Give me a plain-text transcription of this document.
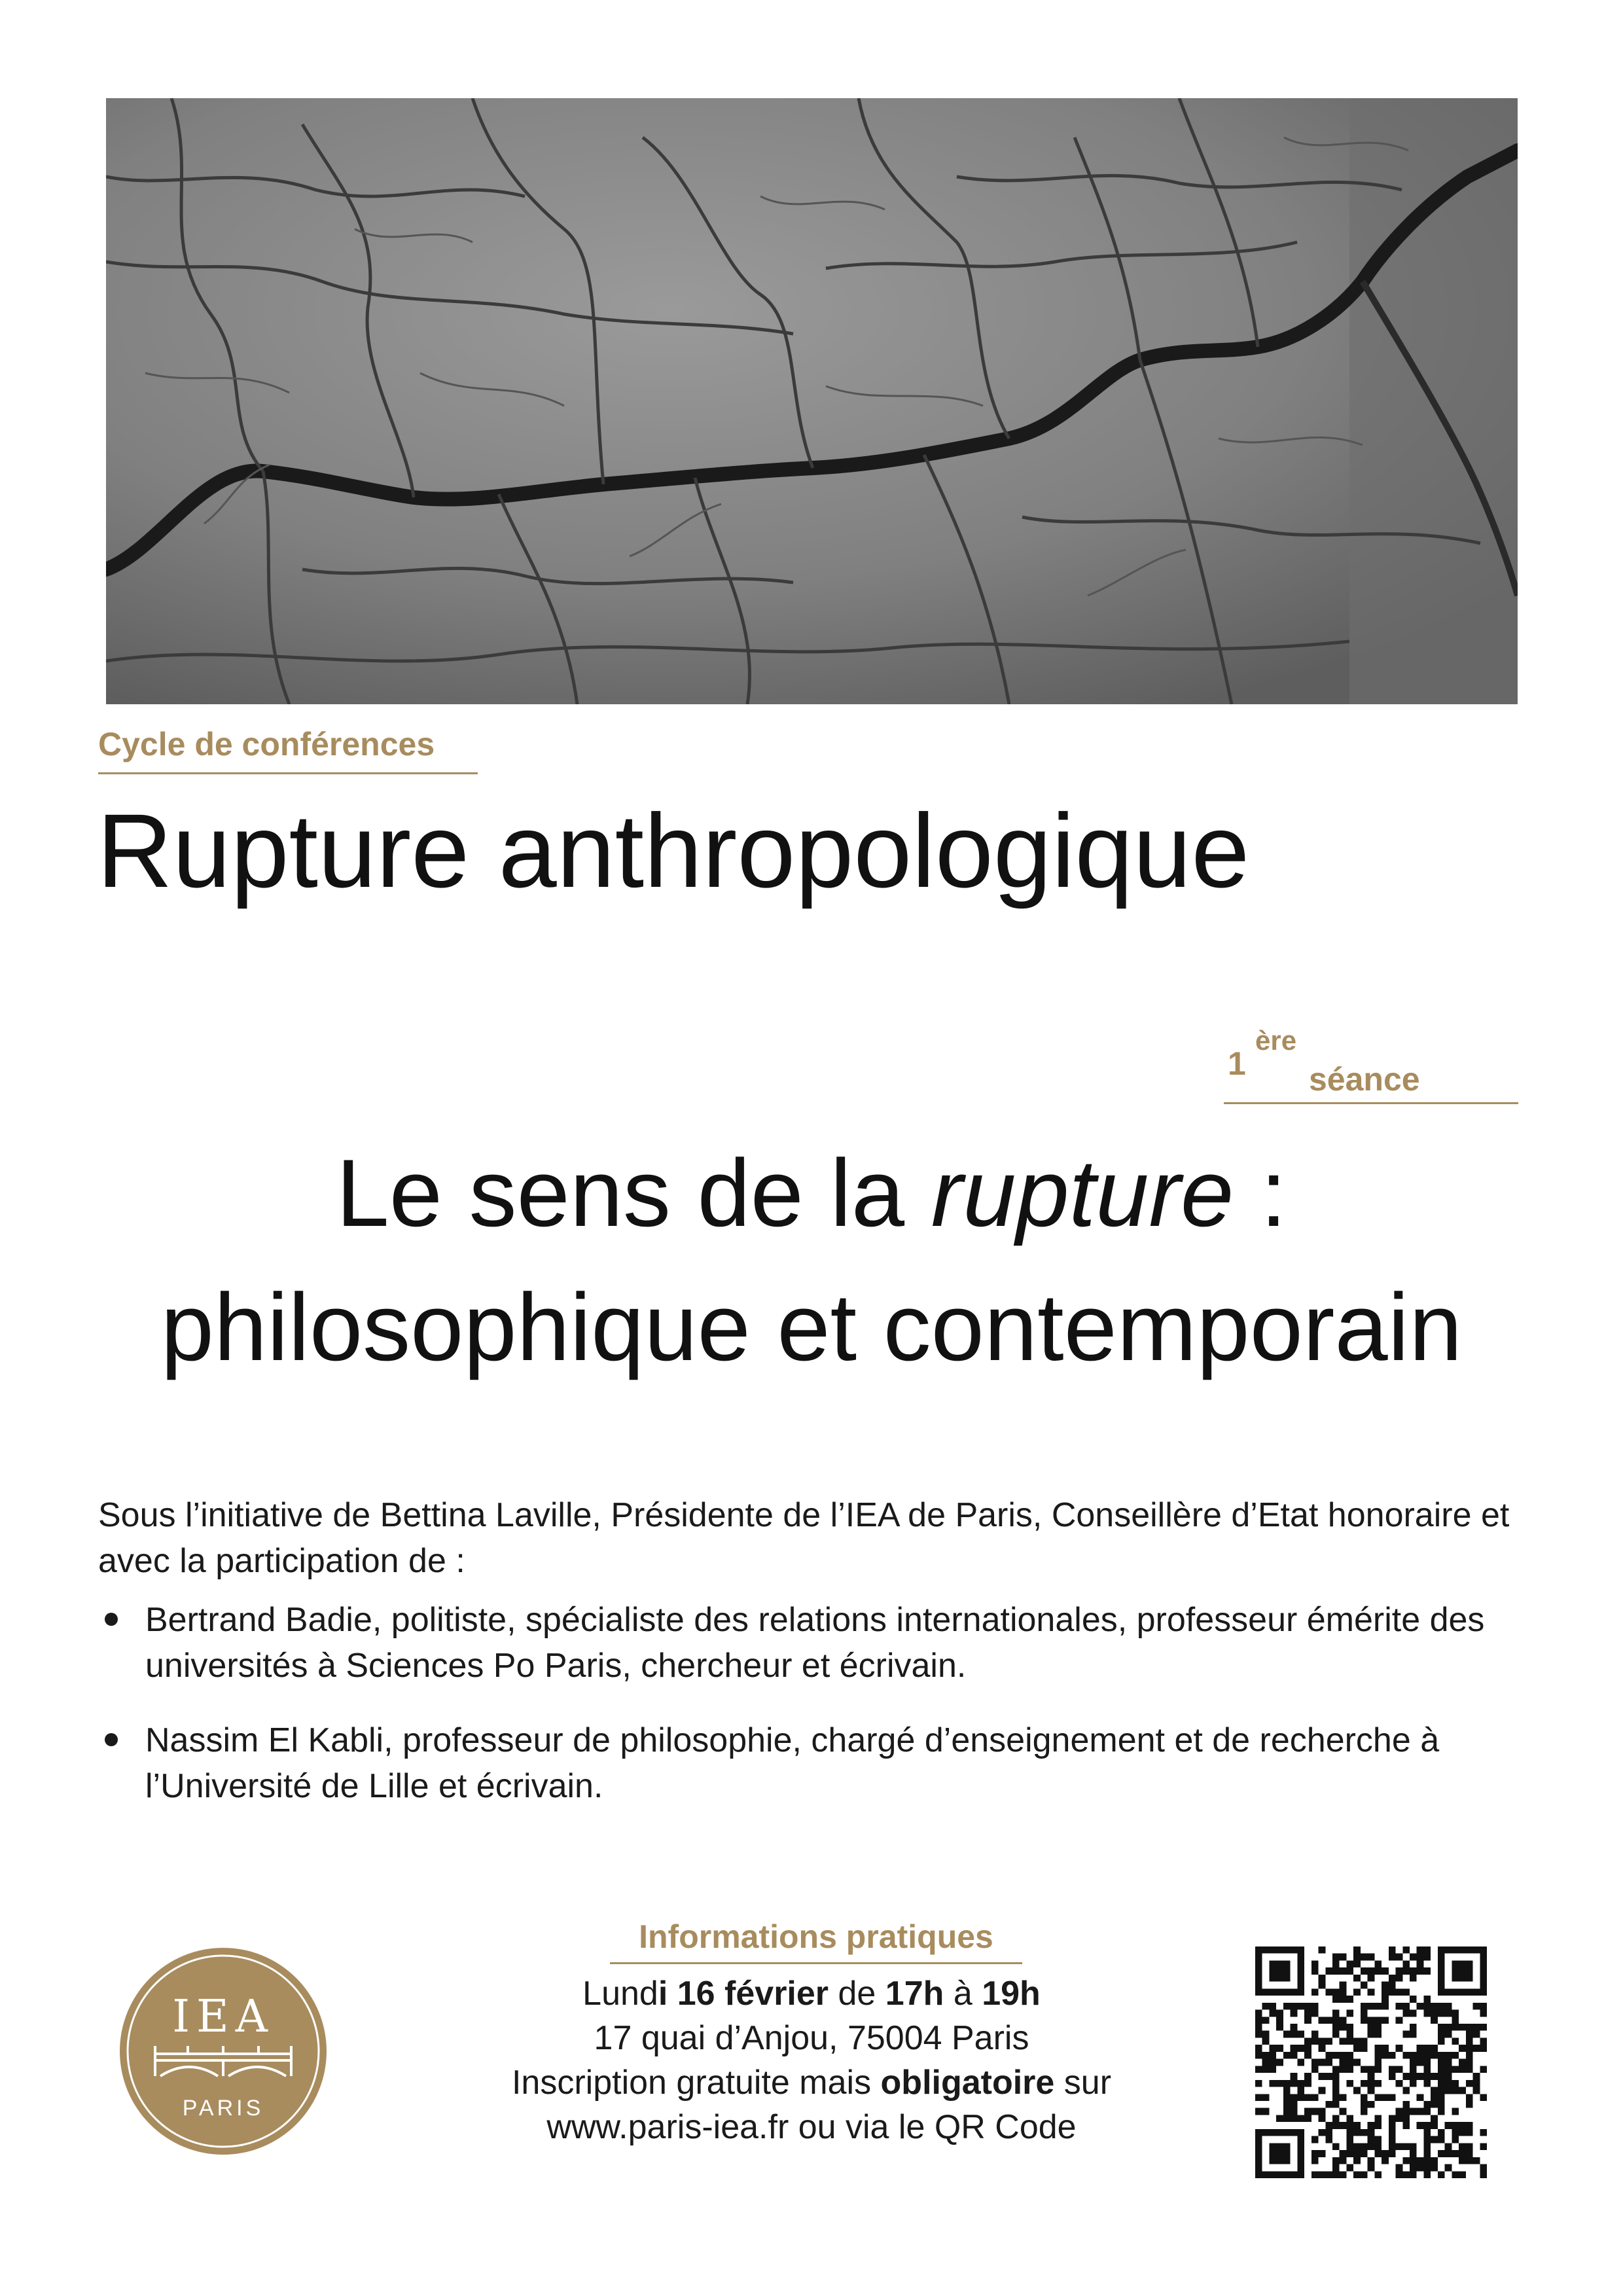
Cycle de conférences
Rupture anthropologique
1
ère
séance
Le sens de la rupture :
philosophique et contemporain
Sous l’initiative de Bettina Laville, Présidente de l’IEA de Paris, Conseillère d’Etat honoraire et avec la participation de :
Bertrand Badie, politiste, spécialiste des relations internationales, professeur émérite des universités à Sciences Po Paris, chercheur et écrivain.
Nassim El Kabli, professeur de philosophie, chargé d’enseignement et de recherche à l’Université de Lille et écrivain.
IEA
PARIS
Informations pratiques
Lundi 16 février de 17h à 19h
17 quai d’Anjou, 75004 Paris
Inscription gratuite mais obligatoire sur
www.paris-iea.fr ou via le QR Code
